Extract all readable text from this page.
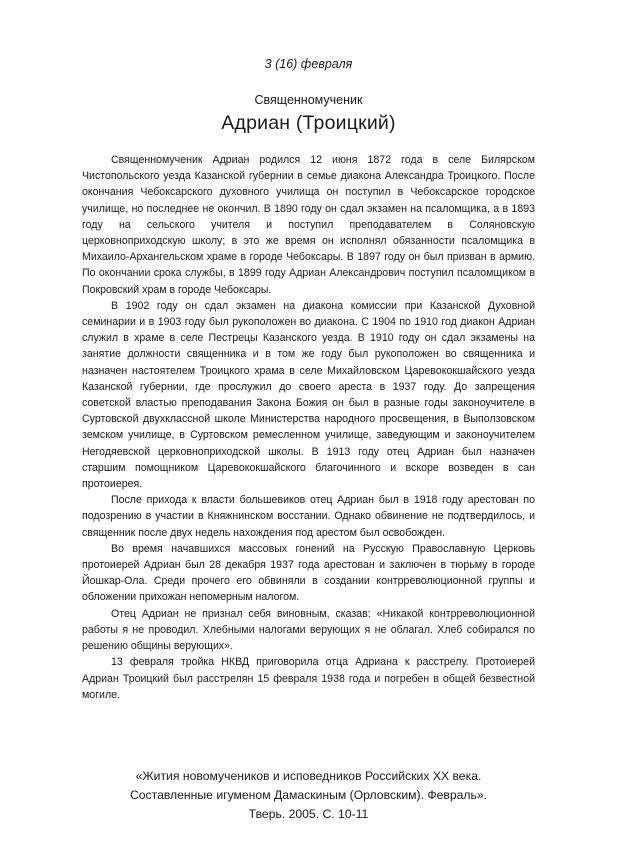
3 (16) февраля
Священномученик
Адриан (Троицкий)

Священномученик Адриан родился 12 июня 1872 года в селе Билярском Чистопольского уезда Казанской губернии в семье диакона Александра Троицкого. После окончания Чебоксарского духовного училища он поступил в Чебоксарское городское училище, но последнее не окончил. В 1890 году он сдал экзамен на псаломщика, а в 1893 году на сельского учителя и поступил преподавателем в Соляновскую церковноприходскую школу; в это же время он исполнял обязанности псаломщика в Михаило-Архангельском храме в городе Чебоксары. В 1897 году он был призван в армию. По окончании срока службы, в 1899 году Адриан Александрович поступил псаломщиком в Покровский храм в городе Чебоксары.

В 1902 году он сдал экзамен на диакона комиссии при Казанской Духовной семинарии и в 1903 году был рукоположен во диакона. С 1904 по 1910 год диакон Адриан служил в храме в селе Пестрецы Казанского уезда. В 1910 году он сдал экзамены на занятие должности священника и в том же году был рукоположен во священника и назначен настоятелем Троицкого храма в селе Михайловском Царевококшайского уезда Казанской губернии, где прослужил до своего ареста в 1937 году. До запрещения советской властью преподавания Закона Божия он был в разные годы законоучителе в Суртовской двухклассной школе Министерства народного просвещения, в Выползовском земском училище, в Суртовском ремесленном училище, заведующим и законоучителем Негодяевской церковноприходской школы. В 1913 году отец Адриан был назначен старшим помощником Царевококшайского благочинного и вскоре возведен в сан протоиерея.

После прихода к власти большевиков отец Адриан был в 1918 году арестован по подозрению в участии в Княжнинском восстании. Однако обвинение не подтвердилось, и священник после двух недель нахождения под арестом был освобожден.

Во время начавшихся массовых гонений на Русскую Православную Церковь протоиерей Адриан был 28 декабря 1937 года арестован и заключен в тюрьму в городе Йошкар-Ола. Среди прочего его обвиняли в создании контрреволюционной группы и обложении прихожан непомерным налогом.

Отец Адриан не признал себя виновным, сказав: «Никакой контрреволюционной работы я не проводил. Хлебными налогами верующих я не облагал. Хлеб собирался по решению общины верующих».

13 февраля тройка НКВД приговорила отца Адриана к расстрелу. Протоиерей Адриан Троицкий был расстрелян 15 февраля 1938 года и погребен в общей безвестной могиле.

«Жития новомучеников и исповедников Российских ХХ века.
Составленные игуменом Дамаскиным (Орловским). Февраль».
Тверь. 2005. С. 10-11
